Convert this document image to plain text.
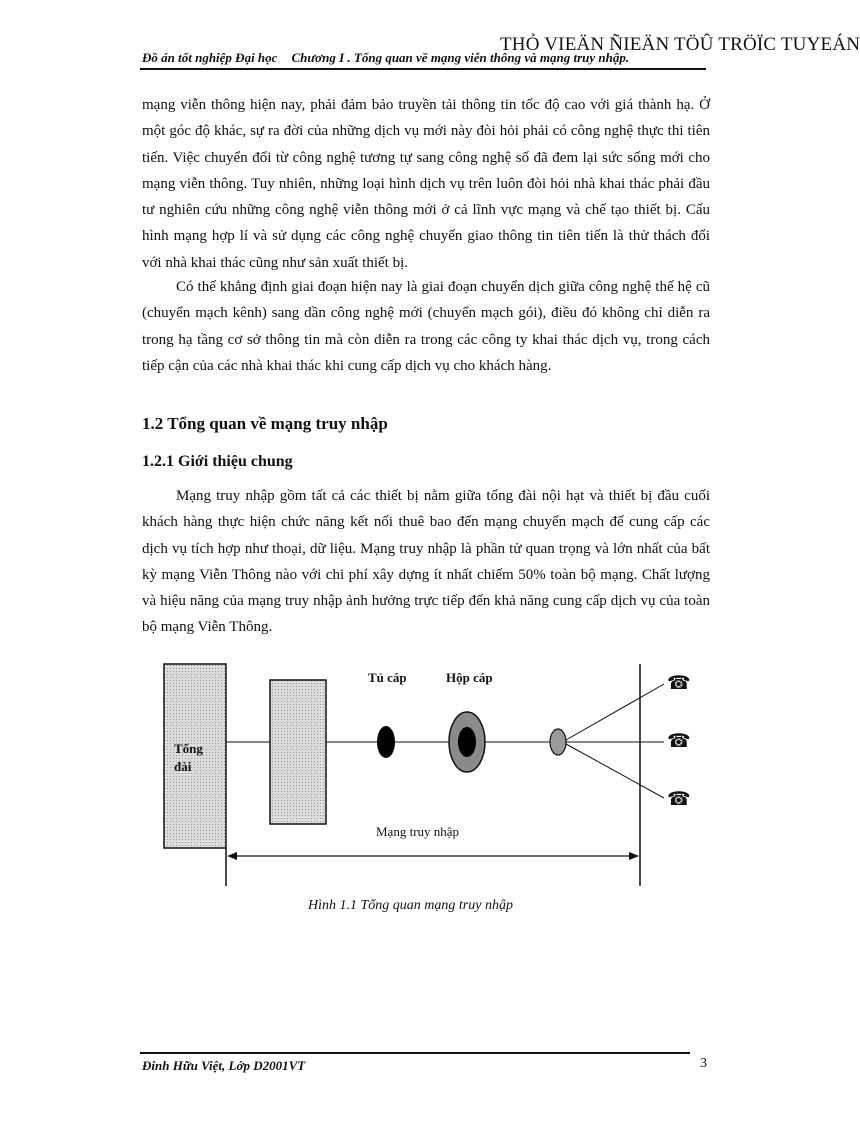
THỎ VIEÄN ÑIEÄN TÖÛ TRÖÏC TUYEÁN
Đồ án tốt nghiệp Đại học Chương I . Tổng quan về mạng viễn thông và mạng truy nhập.

mạng viễn thông hiện nay, phải đảm bảo truyền tải thông tin tốc độ cao với giá thành hạ. Ở một góc độ khác, sự ra đời của những dịch vụ mới này đòi hỏi phải có công nghệ thực thi tiên tiến. Việc chuyển đổi từ công nghệ tương tự sang công nghệ số đã đem lại sức sống mới cho mạng viễn thông. Tuy nhiên, những loại hình dịch vụ trên luôn đòi hỏi nhà khai thác phải đầu tư nghiên cứu những công nghệ viễn thông mới ở cả lĩnh vực mạng và chế tạo thiết bị. Cấu hình mạng hợp lí và sử dụng các công nghệ chuyển giao thông tin tiên tiến là thử thách đối với nhà khai thác cũng như sản xuất thiết bị.

Có thể khẳng định giai đoạn hiện nay là giai đoạn chuyển dịch giữa công nghệ thế hệ cũ (chuyển mạch kênh) sang dần công nghệ mới (chuyển mạch gói), điều đó không chỉ diễn ra trong hạ tầng cơ sở thông tin mà còn diễn ra trong các công ty khai thác dịch vụ, trong cách tiếp cận của các nhà khai thác khi cung cấp dịch vụ cho khách hàng.

1.2 Tổng quan về mạng truy nhập
1.2.1 Giới thiệu chung

Mạng truy nhập gồm tất cả các thiết bị nằm giữa tổng đài nội hạt và thiết bị đầu cuối khách hàng thực hiện chức năng kết nối thuê bao đến mạng chuyển mạch để cung cấp các dịch vụ tích hợp như thoại, dữ liệu. Mạng truy nhập là phần tử quan trọng và lớn nhất của bất kỳ mạng Viễn Thông nào với chi phí xây dựng ít nhất chiếm 50% toàn bộ mạng. Chất lượng và hiệu năng của mạng truy nhập ảnh hưởng trực tiếp đến khả năng cung cấp dịch vụ của toàn bộ mạng Viễn Thông.

Tổng
đài
Tủ cáp	Hộp cáp
Mạng truy nhập
☎
☎
☎
Hình 1.1 Tổng quan mạng truy nhập
Đinh Hữu Việt, Lớp D2001VT	3
